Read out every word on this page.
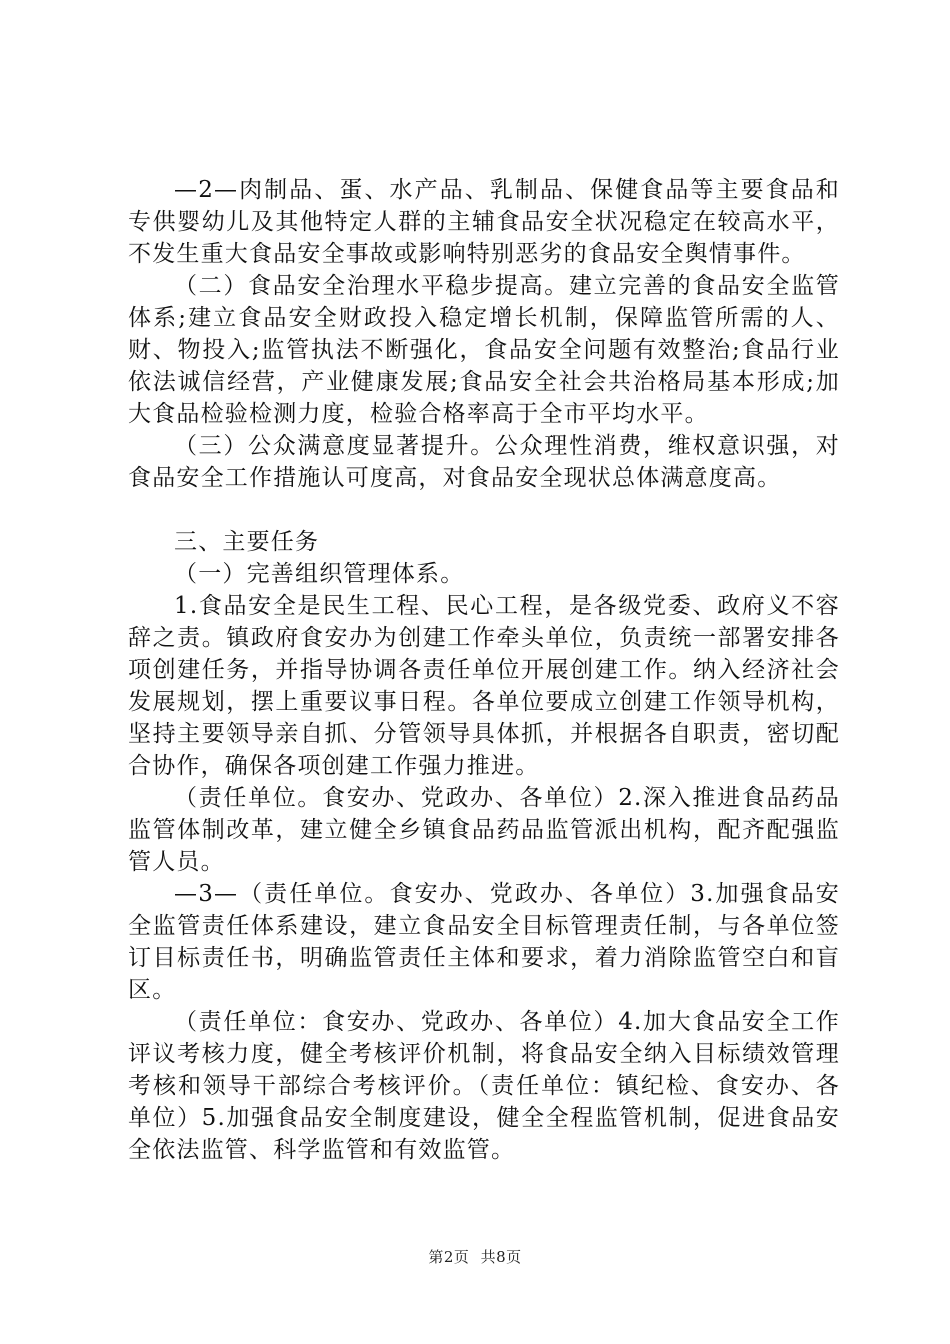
—2—肉制品、蛋、水产品、乳制品、保健食品等主要食品和专供婴幼儿及其他特定人群的主辅食品安全状况稳定在较高水平，不发生重大食品安全事故或影响特别恶劣的食品安全舆情事件。

（二）食品安全治理水平稳步提高。建立完善的食品安全监管体系;建立食品安全财政投入稳定增长机制，保障监管所需的人、财、物投入;监管执法不断强化，食品安全问题有效整治;食品行业依法诚信经营，产业健康发展;食品安全社会共治格局基本形成;加大食品检验检测力度，检验合格率高于全市平均水平。

（三）公众满意度显著提升。公众理性消费，维权意识强，对食品安全工作措施认可度高，对食品安全现状总体满意度高。

三、主要任务

（一）完善组织管理体系。

1.食品安全是民生工程、民心工程，是各级党委、政府义不容辞之责。镇政府食安办为创建工作牵头单位，负责统一部署安排各项创建任务，并指导协调各责任单位开展创建工作。纳入经济社会发展规划，摆上重要议事日程。各单位要成立创建工作领导机构，坚持主要领导亲自抓、分管领导具体抓，并根据各自职责，密切配合协作，确保各项创建工作强力推进。

（责任单位。食安办、党政办、各单位）2.深入推进食品药品监管体制改革，建立健全乡镇食品药品监管派出机构，配齐配强监管人员。

—3—（责任单位。食安办、党政办、各单位）3.加强食品安全监管责任体系建设，建立食品安全目标管理责任制，与各单位签订目标责任书，明确监管责任主体和要求，着力消除监管空白和盲区。

（责任单位：食安办、党政办、各单位）4.加大食品安全工作评议考核力度，健全考核评价机制，将食品安全纳入目标绩效管理考核和领导干部综合考核评价。（责任单位：镇纪检、食安办、各单位）5.加强食品安全制度建设，健全全程监管机制，促进食品安全依法监管、科学监管和有效监管。

第2页 共8页
